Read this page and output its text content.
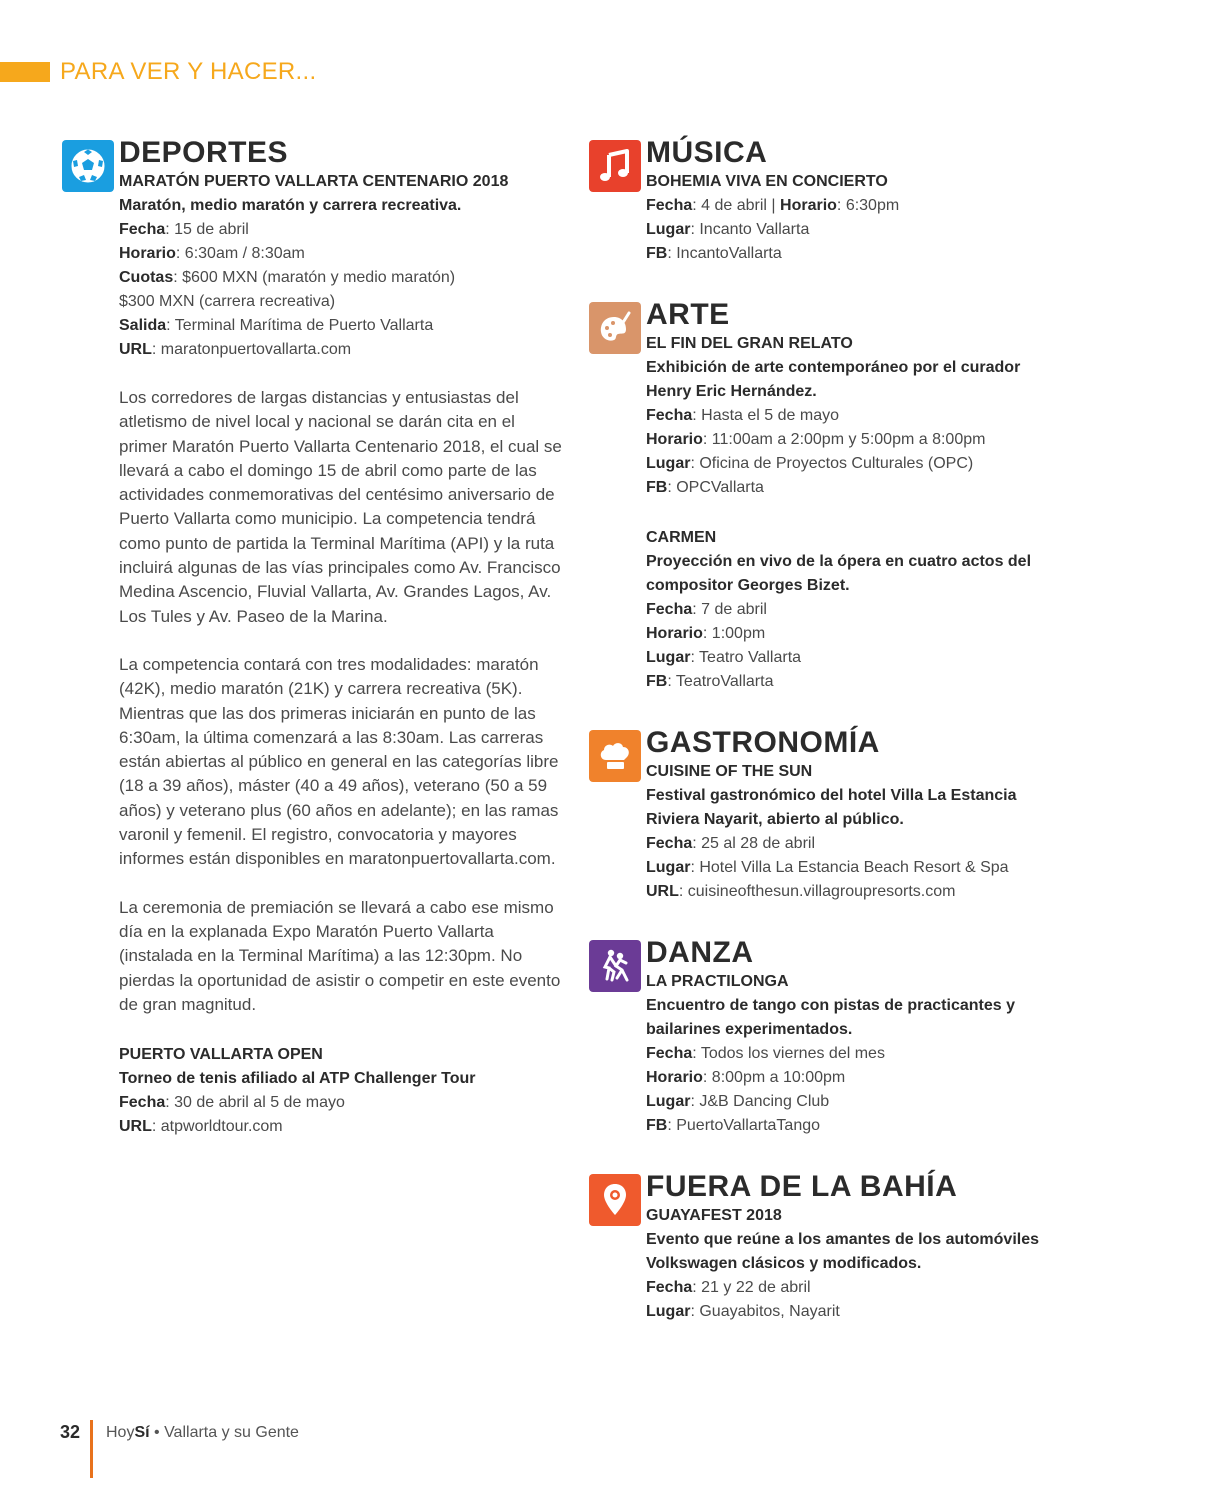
PARA VER Y HACER...
DEPORTES
MARATÓN PUERTO VALLARTA CENTENARIO 2018
Maratón, medio maratón y carrera recreativa.
Fecha: 15 de abril
Horario: 6:30am / 8:30am
Cuotas: $600 MXN (maratón y medio maratón)
$300 MXN (carrera recreativa)
Salida: Terminal Marítima de Puerto Vallarta
URL: maratonpuertovallarta.com
Los corredores de largas distancias y entusiastas del atletismo de nivel local y nacional se darán cita en el primer Maratón Puerto Vallarta Centenario 2018, el cual se llevará a cabo el domingo 15 de abril como parte de las actividades conmemorativas del centésimo aniversario de Puerto Vallarta como municipio. La competencia tendrá como punto de partida la Terminal Marítima (API) y la ruta incluirá algunas de las vías principales como Av. Francisco Medina Ascencio, Fluvial Vallarta, Av. Grandes Lagos, Av. Los Tules y Av. Paseo de la Marina.
La competencia contará con tres modalidades: maratón (42K), medio maratón (21K) y carrera recreativa (5K). Mientras que las dos primeras iniciarán en punto de las 6:30am, la última comenzará a las 8:30am. Las carreras están abiertas al público en general en las categorías libre (18 a 39 años), máster (40 a 49 años), veterano (50 a 59 años) y veterano plus (60 años en adelante); en las ramas varonil y femenil. El registro, convocatoria y mayores informes están disponibles en maratonpuertovallarta.com.
La ceremonia de premiación se llevará a cabo ese mismo día en la explanada Expo Maratón Puerto Vallarta (instalada en la Terminal Marítima) a las 12:30pm. No pierdas la oportunidad de asistir o competir en este evento de gran magnitud.
PUERTO VALLARTA OPEN
Torneo de tenis afiliado al ATP Challenger Tour
Fecha: 30 de abril al 5 de mayo
URL: atpworldtour.com
MÚSICA
BOHEMIA VIVA EN CONCIERTO
Fecha: 4 de abril | Horario: 6:30pm
Lugar: Incanto Vallarta
FB: IncantoVallarta
ARTE
EL FIN DEL GRAN RELATO
Exhibición de arte contemporáneo por el curador
Henry Eric Hernández.
Fecha: Hasta el 5 de mayo
Horario: 11:00am a 2:00pm y 5:00pm a 8:00pm
Lugar: Oficina de Proyectos Culturales (OPC)
FB: OPCVallarta
CARMEN
Proyección en vivo de la ópera en cuatro actos del
compositor Georges Bizet.
Fecha: 7 de abril
Horario: 1:00pm
Lugar: Teatro Vallarta
FB: TeatroVallarta
GASTRONOMÍA
CUISINE OF THE SUN
Festival gastronómico del hotel Villa La Estancia
Riviera Nayarit, abierto al público.
Fecha: 25 al 28 de abril
Lugar: Hotel Villa La Estancia Beach Resort & Spa
URL: cuisineofthesun.villagroupresorts.com
DANZA
LA PRACTILONGA
Encuentro de tango con pistas de practicantes y
bailarines experimentados.
Fecha: Todos los viernes del mes
Horario: 8:00pm a 10:00pm
Lugar: J&B Dancing Club
FB: PuertoVallartaTango
FUERA DE LA BAHÍA
GUAYAFEST 2018
Evento que reúne a los amantes de los automóviles
Volkswagen clásicos y modificados.
Fecha: 21 y 22 de abril
Lugar: Guayabitos, Nayarit
32 HoySí • Vallarta y su Gente
